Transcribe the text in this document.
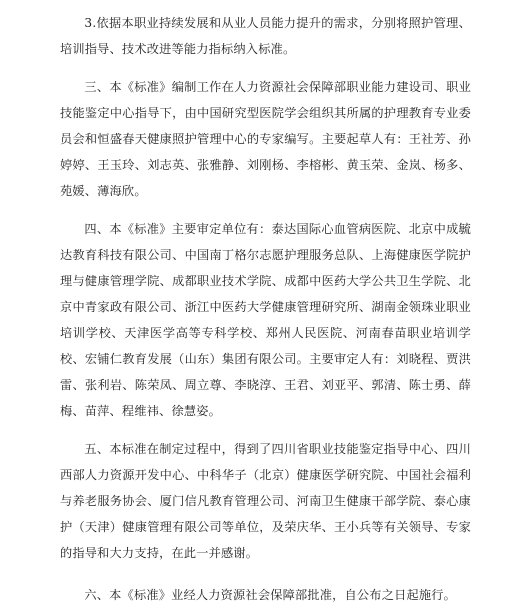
3.依据本职业持续发展和从业人员能力提升的需求，分别将照护管理、培训指导、技术改进等能力指标纳入标准。

三、本《标准》编制工作在人力资源社会保障部职业能力建设司、职业技能鉴定中心指导下，由中国研究型医院学会组织其所属的护理教育专业委员会和恒盛春天健康照护管理中心的专家编写。主要起草人有：王社芳、孙婷婷、王玉玲、刘志英、张雅静、刘刚杨、李榕彬、黄玉荣、金岚、杨多、苑媛、薄海欣。

四、本《标准》主要审定单位有：泰达国际心血管病医院、北京中成毓达教育科技有限公司、中国南丁格尔志愿护理服务总队、上海健康医学院护理与健康管理学院、成都职业技术学院、成都中医药大学公共卫生学院、北京中青家政有限公司、浙江中医药大学健康管理研究所、湖南金领珠业职业培训学校、天津医学高等专科学校、郑州人民医院、河南春苗职业培训学校、宏铺仁教育发展（山东）集团有限公司。主要审定人有：刘晓程、贾洪雷、张利岩、陈荣凤、周立尊、李晓淳、王君、刘亚平、郭清、陈士勇、薛梅、苗萍、程维祎、徐慧姿。

五、本标准在制定过程中，得到了四川省职业技能鉴定指导中心、四川西部人力资源开发中心、中科华子（北京）健康医学研究院、中国社会福利与养老服务协会、厦门信凡教育管理公司、河南卫生健康干部学院、泰心康护（天津）健康管理有限公司等单位，及荣庆华、王小兵等有关领导、专家的指导和大力支持，在此一并感谢。

六、本《标准》业经人力资源社会保障部批准，自公布之日起施行。
